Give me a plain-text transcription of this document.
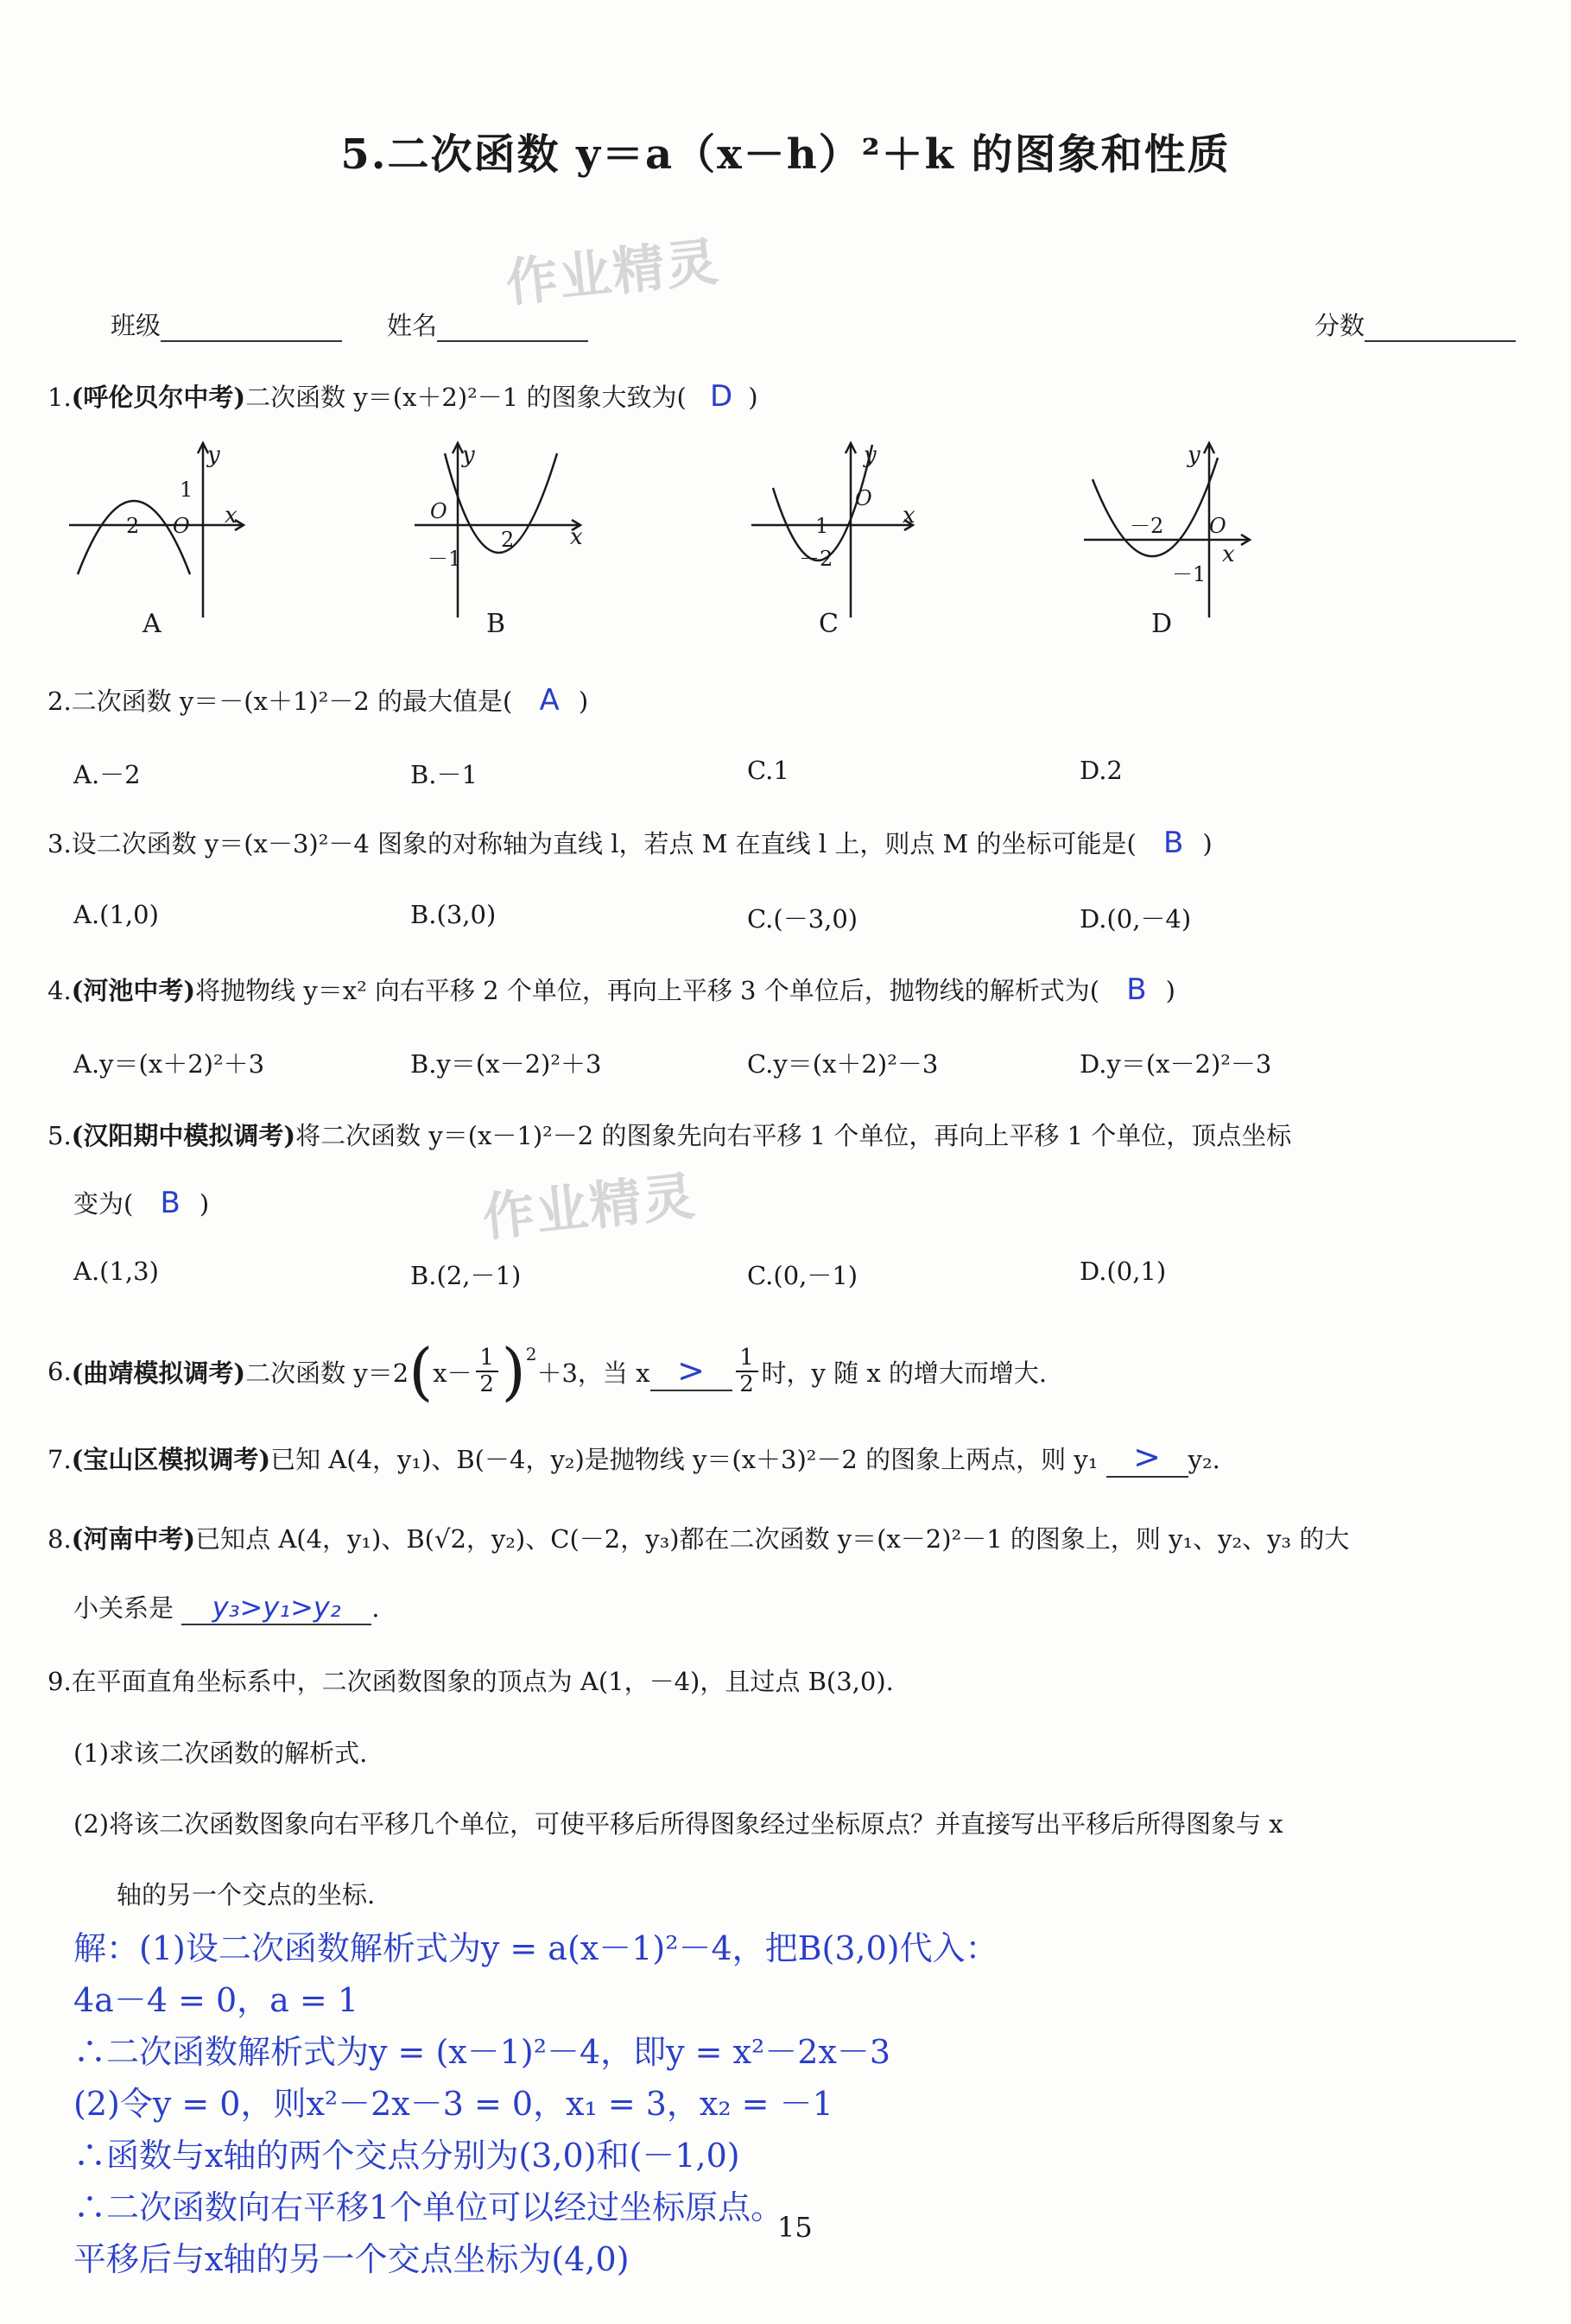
5.二次函数 y＝a（x－h）²＋k 的图象和性质
作业精灵
作业精灵
班级	姓名	分数
1.(呼伦贝尔中考)二次函数 y＝(x＋2)²－1 的图象大致为( D )
y
x
y
x
y
x
y
x
1
－2 O
O
－1
2
－1
O
－2
－2 O
－1
A	B	C	D
2.二次函数 y＝－(x＋1)²－2 的最大值是( A )
A.－2	B.－1	C.1	D.2
3.设二次函数 y＝(x－3)²－4 图象的对称轴为直线 l，若点 M 在直线 l 上，则点 M 的坐标可能是( B )
A.(1,0)	B.(3,0)	C.(－3,0)	D.(0,－4)
4.(河池中考)将抛物线 y＝x² 向右平移 2 个单位，再向上平移 3 个单位后，抛物线的解析式为( B )
A.y＝(x＋2)²＋3	B.y＝(x－2)²＋3	C.y＝(x＋2)²－3	D.y＝(x－2)²－3
5.(汉阳期中模拟调考)将二次函数 y＝(x－1)²－2 的图象先向右平移 1 个单位，再向上平移 1 个单位，顶点坐标
变为( B )
A.(1,3)	B.(2,－1)	C.(0,－1)	D.(0,1)
6. (曲靖模拟调考) 二次函数 y＝2 ( x－
1
2 )$^2$
＋3，当 x >	1
2 时，y 随 x 的增大而增大.
7.(宝山区模拟调考)已知 A(4，y₁)、B(－4，y₂)是抛物线 y＝(x＋3)²－2 的图象上两点，则 y₁ > y₂.
8.(河南中考)已知点 A(4，y₁)、B(√2，y₂)、C(－2，y₃)都在二次函数 y＝(x－2)²－1 的图象上，则 y₁、y₂、y₃ 的大
小关系是 y₃>y₁>y₂ .
9.在平面直角坐标系中，二次函数图象的顶点为 A(1，－4)，且过点 B(3,0).
(1)求该二次函数的解析式.
(2)将该二次函数图象向右平移几个单位，可使平移后所得图象经过坐标原点？并直接写出平移后所得图象与 x
轴的另一个交点的坐标.
解：(1)设二次函数解析式为y = a(x－1)²－4，把B(3,0)代入：
4a－4 = 0，a = 1
∴二次函数解析式为y = (x－1)²－4，即y = x²－2x－3
(2)令y = 0，则x²－2x－3 = 0，x₁ = 3，x₂ = －1
∴函数与x轴的两个交点分别为(3,0)和(－1,0)
∴二次函数向右平移1个单位可以经过坐标原点。
平移后与x轴的另一个交点坐标为(4,0)
15
